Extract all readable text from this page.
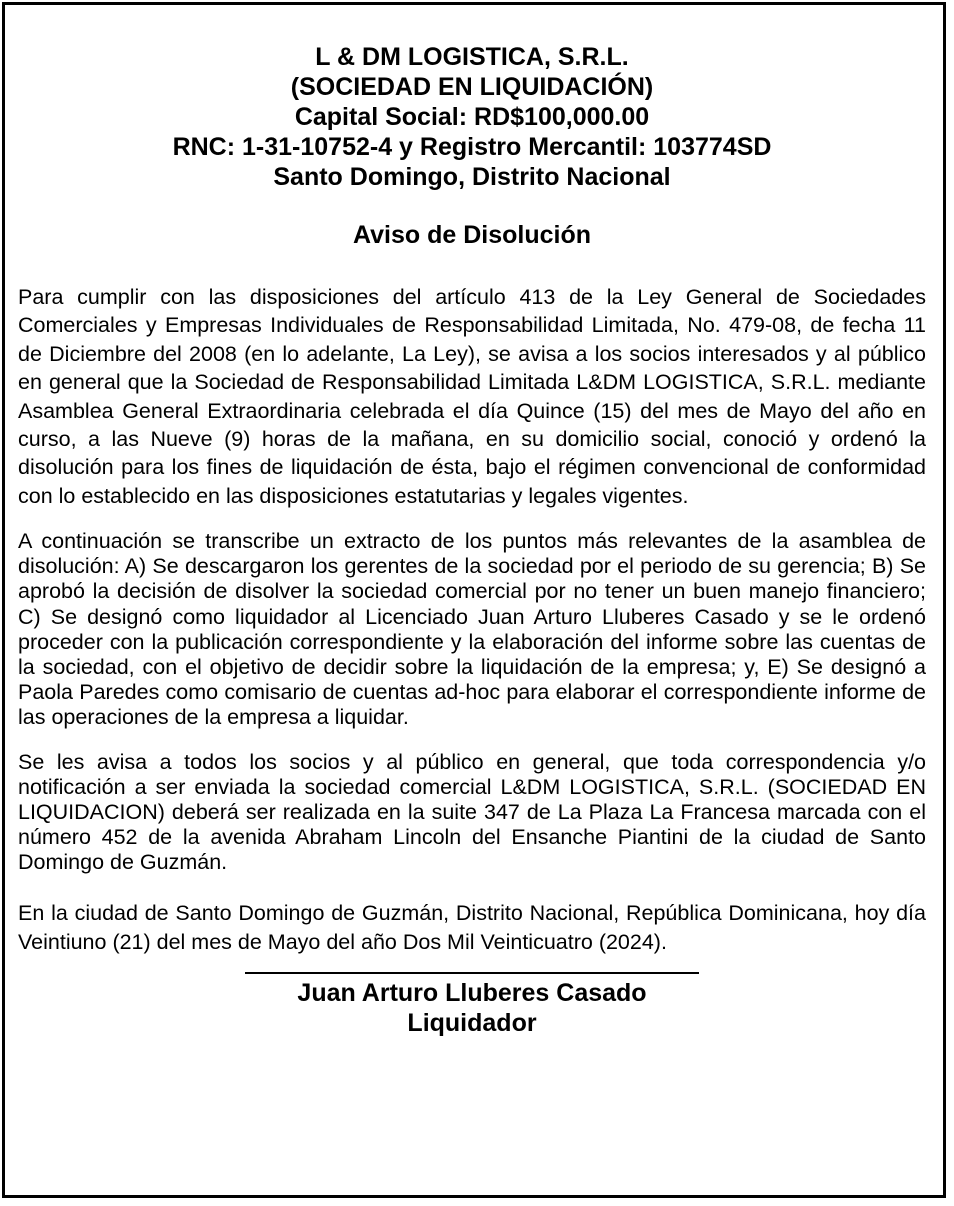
L & DM LOGISTICA, S.R.L.
(SOCIEDAD EN LIQUIDACIÓN)
Capital Social: RD$100,000.00
RNC: 1-31-10752-4 y Registro Mercantil: 103774SD
Santo Domingo, Distrito Nacional
Aviso de Disolución

Para cumplir con las disposiciones del artículo 413 de la Ley General de Sociedades Comerciales y Empresas Individuales de Responsabilidad Limitada, No. 479-08, de fecha 11 de Diciembre del 2008 (en lo adelante, La Ley), se avisa a los socios interesados y al público en general que la Sociedad de Responsabilidad Limitada L&DM LOGISTICA, S.R.L. mediante Asamblea General Extraordinaria celebrada el día Quince (15) del mes de Mayo del año en curso, a las Nueve (9) horas de la mañana, en su domicilio social, conoció y ordenó la disolución para los fines de liquidación de ésta, bajo el régimen convencional de conformidad con lo establecido en las disposiciones estatutarias y legales vigentes.

A continuación se transcribe un extracto de los puntos más relevantes de la asamblea de disolución: A) Se descargaron los gerentes de la sociedad por el periodo de su gerencia; B) Se aprobó la decisión de disolver la sociedad comercial por no tener un buen manejo financiero; C) Se designó como liquidador al Licenciado Juan Arturo Lluberes Casado y se le ordenó proceder con la publicación correspondiente y la elaboración del informe sobre las cuentas de la sociedad, con el objetivo de decidir sobre la liquidación de la empresa; y, E) Se designó a Paola Paredes como comisario de cuentas ad-hoc para elaborar el correspondiente informe de las operaciones de la empresa a liquidar.

Se les avisa a todos los socios y al público en general, que toda correspondencia y/o notificación a ser enviada la sociedad comercial L&DM LOGISTICA, S.R.L. (SOCIEDAD EN LIQUIDACION) deberá ser realizada en la suite 347 de La Plaza La Francesa marcada con el número 452 de la avenida Abraham Lincoln del Ensanche Piantini de la ciudad de Santo Domingo de Guzmán.

En la ciudad de Santo Domingo de Guzmán, Distrito Nacional, República Dominicana, hoy día Veintiuno (21) del mes de Mayo del año Dos Mil Veinticuatro (2024).

Juan Arturo Lluberes Casado
Liquidador
